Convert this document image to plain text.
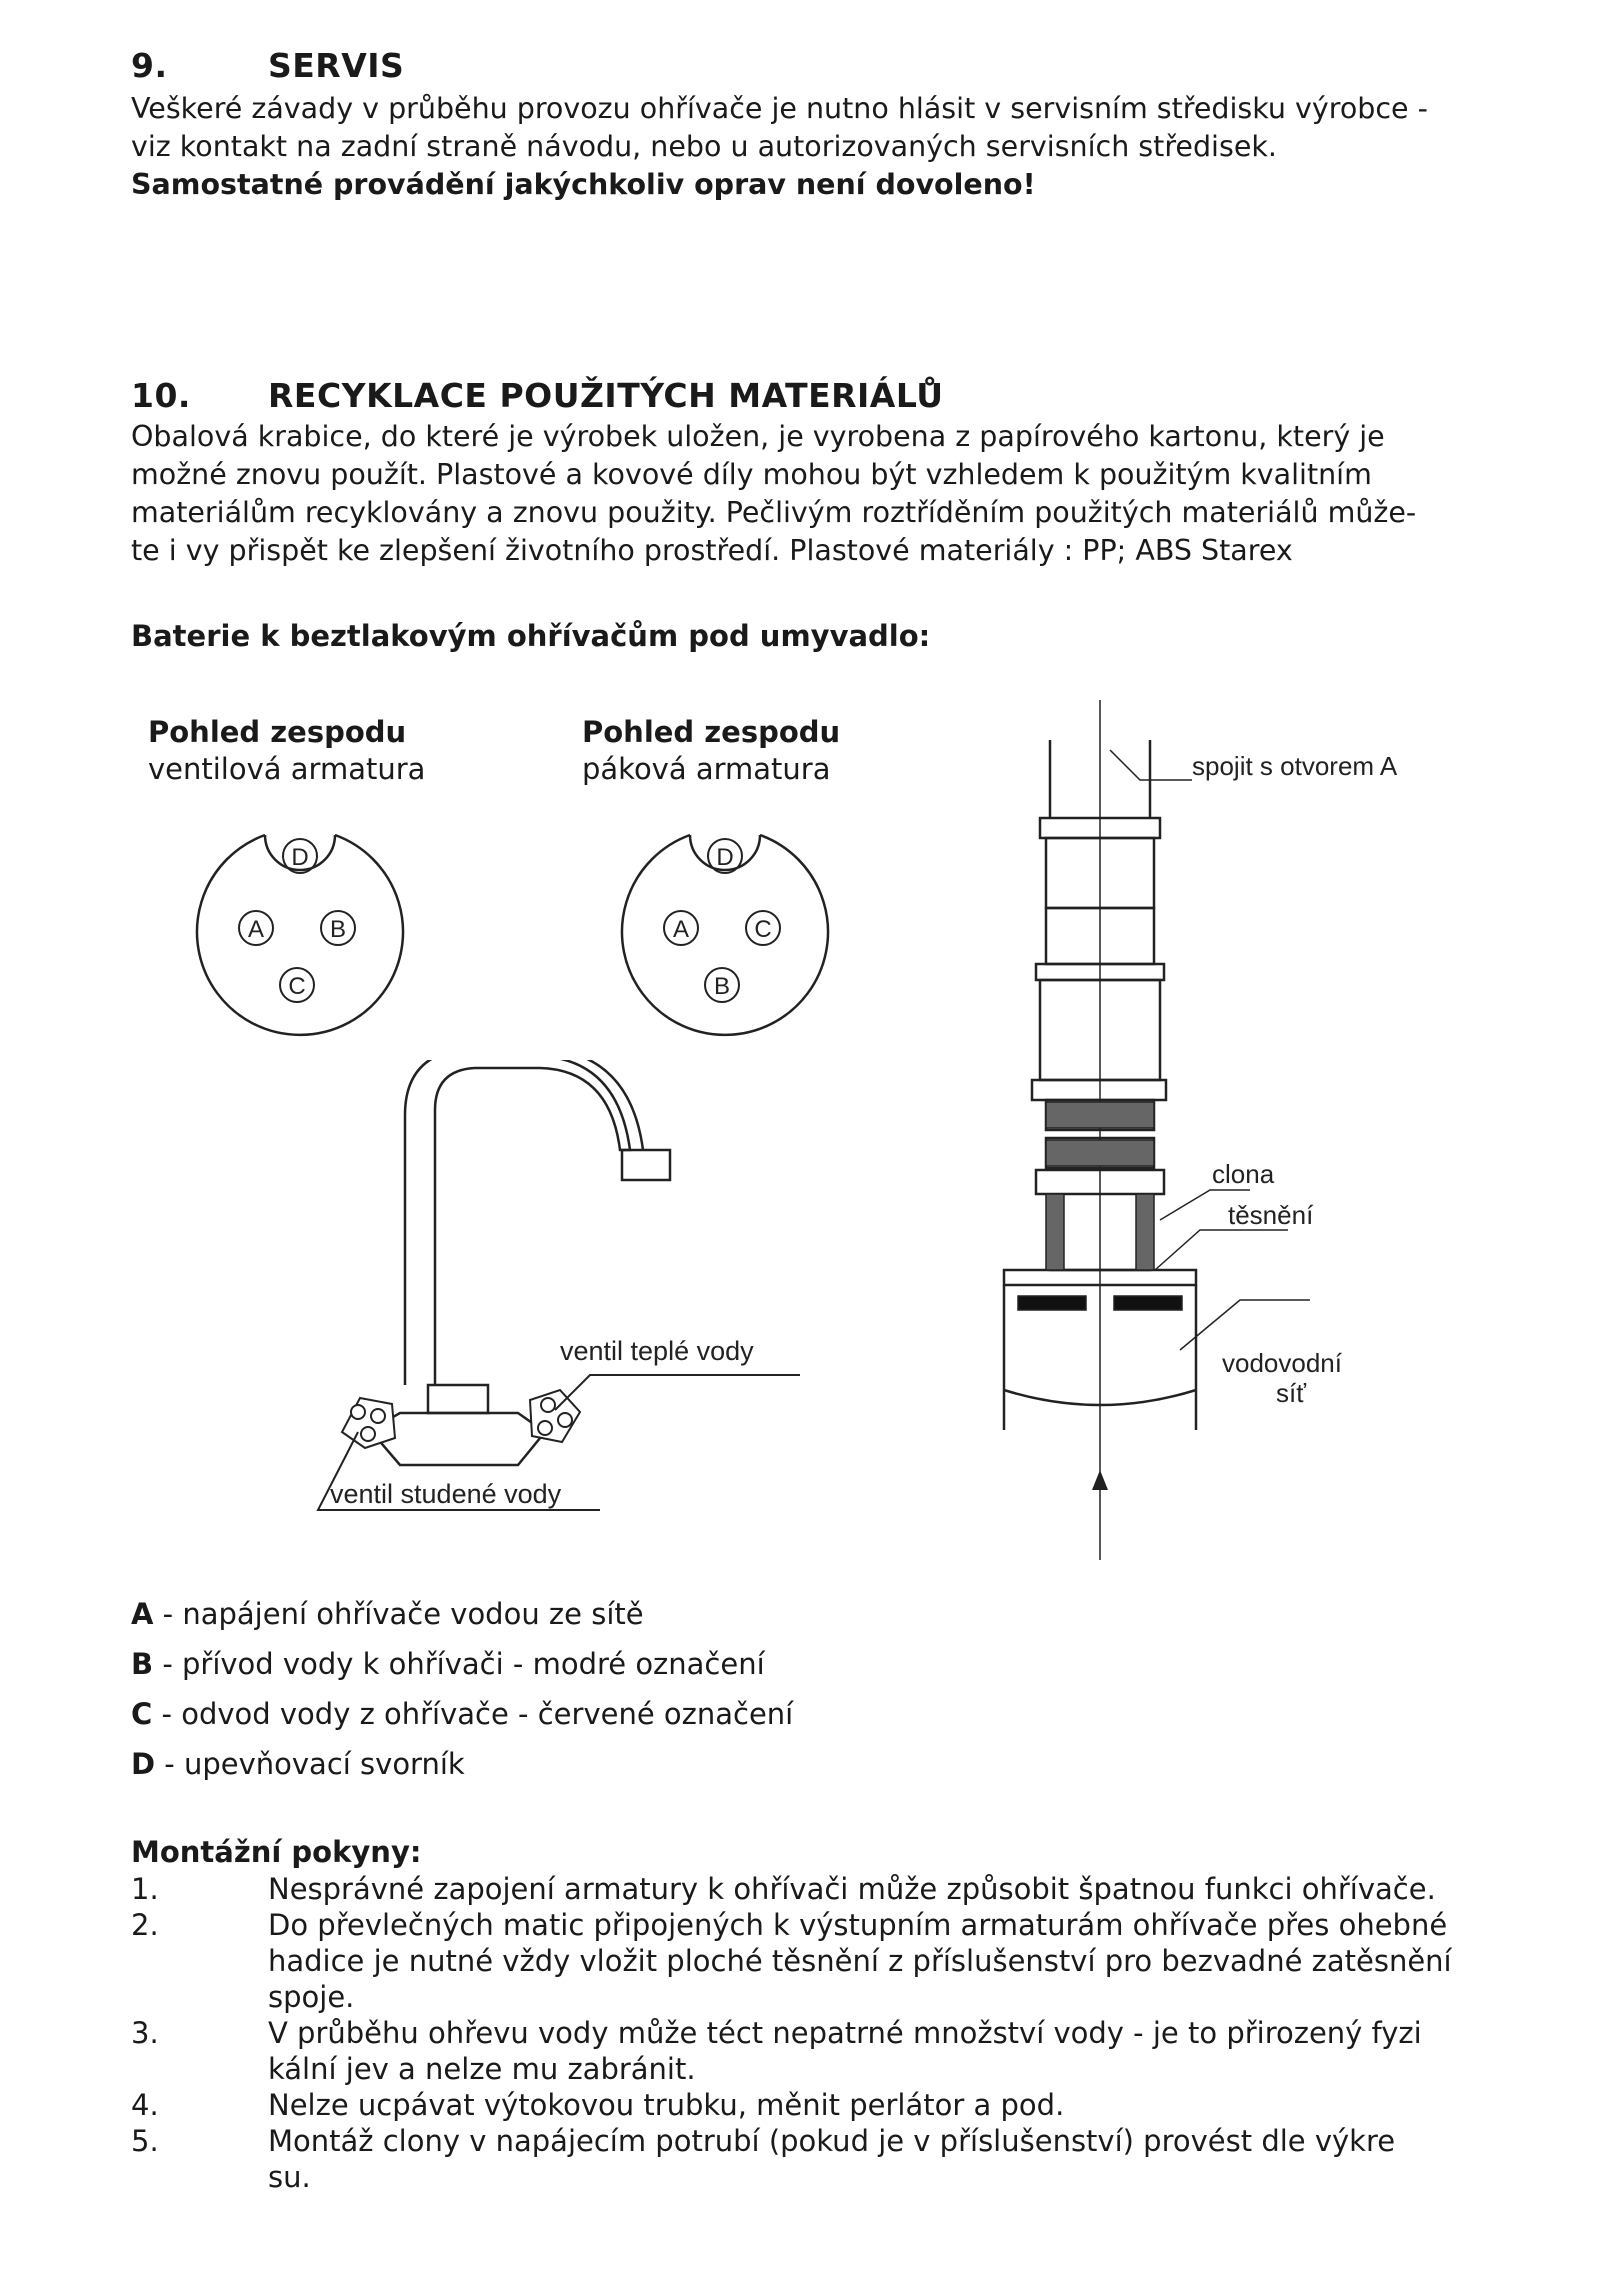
9.	SERVIS

Veškeré závady v průběhu provozu ohřívače je nutno hlásit v servisním středisku výrobce -

viz kontakt na zadní straně návodu, nebo u autorizovaných servisních středisek.

Samostatné provádění jakýchkoliv oprav není dovoleno!

10. RECYKLACE POUŽITÝCH MATERIÁLŮ

Obalová krabice, do které je výrobek uložen, je vyrobena z papírového kartonu, který je

možné znovu použít. Plastové a kovové díly mohou být vzhledem k použitým kvalitním

materiálům recyklovány a znovu použity. Pečlivým roztříděním použitých materiálů může-

te i vy přispět ke zlepšení životního prostředí. Plastové materiály : PP; ABS Starex

Baterie k beztlakovým ohřívačům pod umyvadlo:
Pohled zespodu
ventilová armatura
Pohled zespodu
páková armatura
D
A	B
C
D
A	C
B
ventil teplé vody
ventil studené vody
spojit s otvorem A
clona
těsnění
vodovodní
síť
A - napájení ohřívače vodou ze sítě
B - přívod vody k ohřívači - modré označení
C - odvod vody z ohřívače - červené označení
D - upevňovací svorník
Montážní pokyny:
1.	Nesprávné zapojení armatury k ohřívači může způsobit špatnou funkci ohřívače.
2.	Do převlečných matic připojených k výstupním armaturám ohřívače přes ohebné
hadice je nutné vždy vložit ploché těsnění z příslušenství pro bezvadné zatěsnění
spoje.
3.	V průběhu ohřevu vody může téct nepatrné množství vody - je to přirozený fyzi
kální jev a nelze mu zabránit.
4.	Nelze ucpávat výtokovou trubku, měnit perlátor a pod.
5.	Montáž clony v napájecím potrubí (pokud je v příslušenství) provést dle výkre
su.
